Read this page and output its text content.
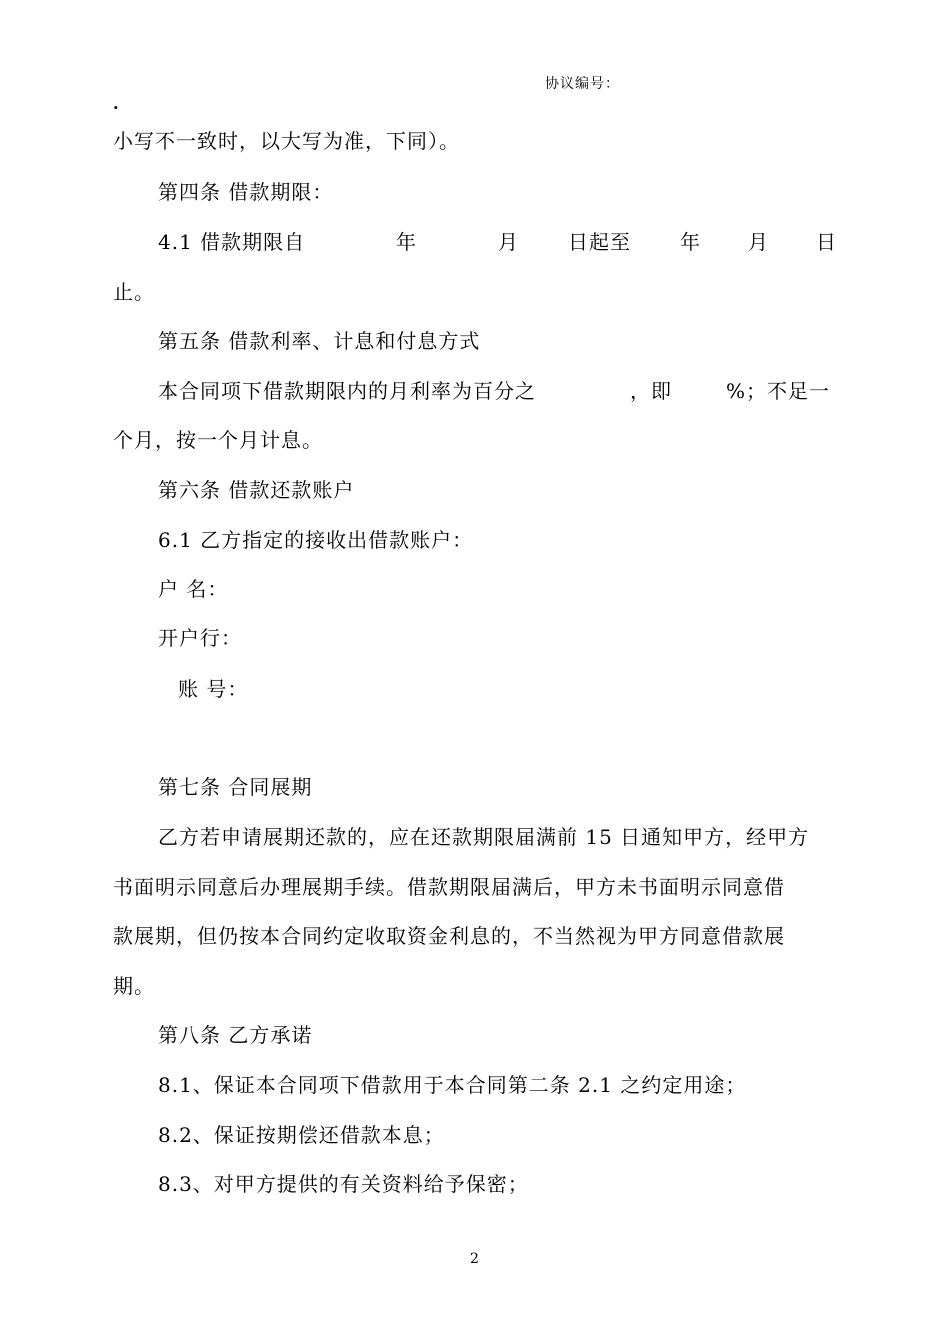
协议编号：
.
小写不一致时，以大写为准，下同）。
第四条 借款期限：
4.1 借款期限自	年	月 日起至 年 月 日
止。
第五条 借款利率、计息和付息方式
本合同项下借款期限内的月利率为百分之	，即	%；不足一
个月，按一个月计息。
第六条 借款还款账户
6.1 乙方指定的接收出借款账户：
户 名：
开户行：
账 号：
第七条 合同展期
乙方若申请展期还款的，应在还款期限届满前 15 日通知甲方，经甲方
书面明示同意后办理展期手续。借款期限届满后，甲方未书面明示同意借
款展期，但仍按本合同约定收取资金利息的，不当然视为甲方同意借款展
期。
第八条 乙方承诺
8.1、保证本合同项下借款用于本合同第二条 2.1 之约定用途；
8.2、保证按期偿还借款本息；
8.3、对甲方提供的有关资料给予保密；
2
